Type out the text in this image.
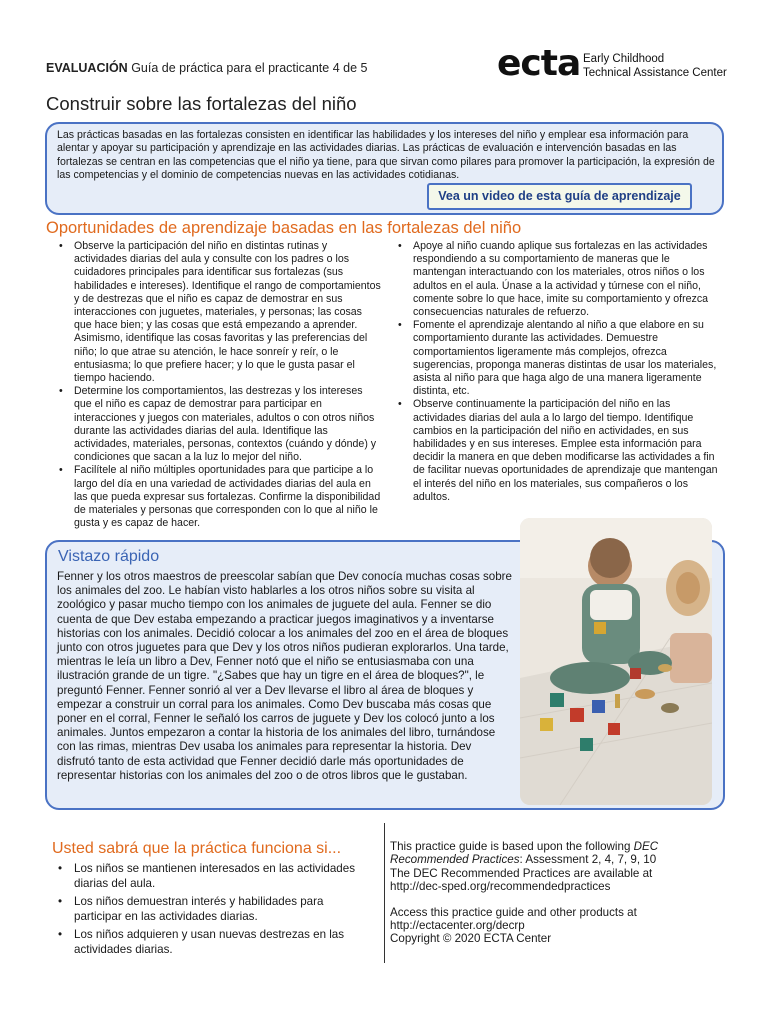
EVALUACIÓN Guía de práctica para el practicante 4 de 5	ecta Early Childhood
Technical Assistance Center
Construir sobre las fortalezas del niño
Las prácticas basadas en las fortalezas consisten en identificar las habilidades y los intereses del niño y emplear esa información para alentar y apoyar su participación y aprendizaje en las actividades diarias. Las prácticas de evaluación e intervención basadas en las fortalezas se centran en las competencias que el niño ya tiene, para que sirvan como pilares para promover la participación, la expresión de las competencias y el dominio de competencias nuevas en las actividades cotidianas.
Vea un video de esta guía de aprendizaje
Oportunidades de aprendizaje basadas en las fortalezas del niño
• Observe la participación del niño en distintas rutinas y actividades diarias del aula y consulte con los padres o los cuidadores principales para identificar sus fortalezas (sus habilidades e intereses). Identifique el rango de comportamientos y de destrezas que el niño es capaz de demostrar en sus interacciones con juguetes, materiales, y personas; las cosas que hace bien; y las cosas que está empezando a aprender. Asimismo, identifique las cosas favoritas y las preferencias del niño; lo que atrae su atención, le hace sonreír y reír, o le entusiasma; lo que prefiere hacer; y lo que le gusta pasar el tiempo haciendo.
• Determine los comportamientos, las destrezas y los intereses que el niño es capaz de demostrar para participar en interacciones y juegos con materiales, adultos o con otros niños durante las actividades diarias del aula. Identifique las actividades, materiales, personas, contextos (cuándo y dónde) y condiciones que sacan a la luz lo mejor del niño.
• Facilítele al niño múltiples oportunidades para que participe a lo largo del día en una variedad de actividades diarias del aula en las que pueda expresar sus fortalezas. Confirme la disponibilidad de materiales y personas que corresponden con lo que al niño le gusta y es capaz de hacer.
• Apoye al niño cuando aplique sus fortalezas en las actividades respondiendo a su comportamiento de maneras que le mantengan interactuando con los materiales, otros niños o los adultos en el aula. Únase a la actividad y túrnese con el niño, comente sobre lo que hace, imite su comportamiento y ofrezca consecuencias naturales de refuerzo.
• Fomente el aprendizaje alentando al niño a que elabore en su comportamiento durante las actividades. Demuestre comportamientos ligeramente más complejos, ofrezca sugerencias, proponga maneras distintas de usar los materiales, asista al niño para que haga algo de una manera ligeramente distinta, etc.
• Observe continuamente la participación del niño en las actividades diarias del aula a lo largo del tiempo. Identifique cambios en la participación del niño en actividades, en sus habilidades y en sus intereses. Emplee esta información para decidir la manera en que deben modificarse las actividades a fin de facilitar nuevas oportunidades de aprendizaje que mantengan el interés del niño en los materiales, sus compañeros o los adultos.
Vistazo rápido
Fenner y los otros maestros de preescolar sabían que Dev conocía muchas cosas sobre los animales del zoo. Le habían visto hablarles a los otros niños sobre su visita al zoológico y pasar mucho tiempo con los animales de juguete del aula. Fenner se dio cuenta de que Dev estaba empezando a practicar juegos imaginativos y a inventarse historias con los animales. Decidió colocar a los animales del zoo en el área de bloques junto con otros juguetes para que Dev y los otros niños pudieran explorarlos. Una tarde, mientras le leía un libro a Dev, Fenner notó que el niño se entusiasmaba con una ilustración grande de un tigre. "¿Sabes que hay un tigre en el área de bloques?", le preguntó Fenner. Fenner sonrió al ver a Dev llevarse el libro al área de bloques y empezar a construir un corral para los animales. Como Dev buscaba más cosas que poner en el corral, Fenner le señaló los carros de juguete y Dev los colocó junto a los animales. Juntos empezaron a contar la historia de los animales del libro, turnándose con las rimas, mientras Dev usaba los animales para representar la historia. Dev disfrutó tanto de esta actividad que Fenner decidió darle más oportunidades de representar historias con los animales del zoo o de otros libros que le gustaban.
Usted sabrá que la práctica funciona si...
• Los niños se mantienen interesados en las actividades diarias del aula.
• Los niños demuestran interés y habilidades para participar en las actividades diarias.
• Los niños adquieren y usan nuevas destrezas en las actividades diarias.

This practice guide is based upon the following DEC Recommended Practices: Assessment 2, 4, 7, 9, 10
The DEC Recommended Practices are available at
http://dec-sped.org/recommendedpractices

Access this practice guide and other products at
http://ectacenter.org/decrp
Copyright © 2020 ECTA Center
